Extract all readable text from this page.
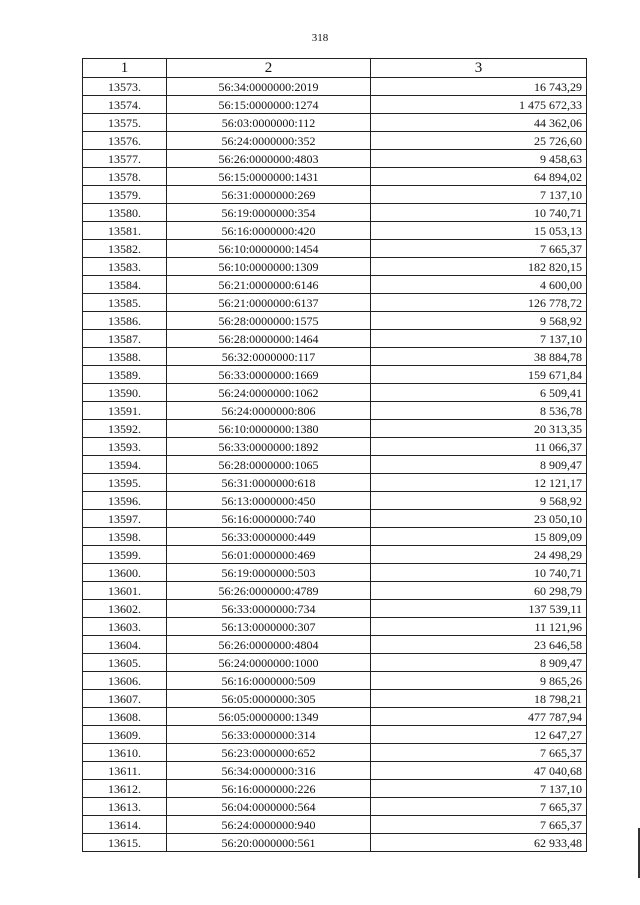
318
1	2	3
13573.	56:34:0000000:2019	16 743,29
13574.	56:15:0000000:1274	1 475 672,33
13575.	56:03:0000000:112	44 362,06
13576.	56:24:0000000:352	25 726,60
13577.	56:26:0000000:4803	9 458,63
13578.	56:15:0000000:1431	64 894,02
13579.	56:31:0000000:269	7 137,10
13580.	56:19:0000000:354	10 740,71
13581.	56:16:0000000:420	15 053,13
13582.	56:10:0000000:1454	7 665,37
13583.	56:10:0000000:1309	182 820,15
13584.	56:21:0000000:6146	4 600,00
13585.	56:21:0000000:6137	126 778,72
13586.	56:28:0000000:1575	9 568,92
13587.	56:28:0000000:1464	7 137,10
13588.	56:32:0000000:117	38 884,78
13589.	56:33:0000000:1669	159 671,84
13590.	56:24:0000000:1062	6 509,41
13591.	56:24:0000000:806	8 536,78
13592.	56:10:0000000:1380	20 313,35
13593.	56:33:0000000:1892	11 066,37
13594.	56:28:0000000:1065	8 909,47
13595.	56:31:0000000:618	12 121,17
13596.	56:13:0000000:450	9 568,92
13597.	56:16:0000000:740	23 050,10
13598.	56:33:0000000:449	15 809,09
13599.	56:01:0000000:469	24 498,29
13600.	56:19:0000000:503	10 740,71
13601.	56:26:0000000:4789	60 298,79
13602.	56:33:0000000:734	137 539,11
13603.	56:13:0000000:307	11 121,96
13604.	56:26:0000000:4804	23 646,58
13605.	56:24:0000000:1000	8 909,47
13606.	56:16:0000000:509	9 865,26
13607.	56:05:0000000:305	18 798,21
13608.	56:05:0000000:1349	477 787,94
13609.	56:33:0000000:314	12 647,27
13610.	56:23:0000000:652	7 665,37
13611.	56:34:0000000:316	47 040,68
13612.	56:16:0000000:226	7 137,10
13613.	56:04:0000000:564	7 665,37
13614.	56:24:0000000:940	7 665,37
13615.	56:20:0000000:561	62 933,48
